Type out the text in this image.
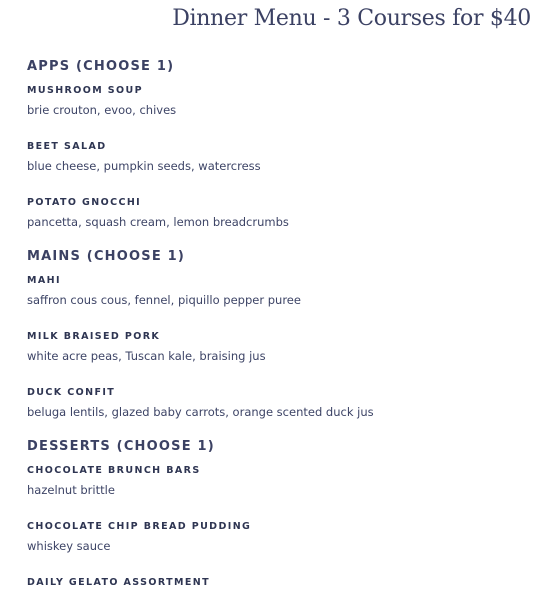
Dinner Menu - 3 Courses for $40
APPS (CHOOSE 1)
MUSHROOM SOUP
brie crouton, evoo, chives
BEET SALAD
blue cheese, pumpkin seeds, watercress
POTATO GNOCCHI
pancetta, squash cream, lemon breadcrumbs
MAINS (CHOOSE 1)
MAHI
saffron cous cous, fennel, piquillo pepper puree
MILK BRAISED PORK
white acre peas, Tuscan kale, braising jus
DUCK CONFIT
beluga lentils, glazed baby carrots, orange scented duck jus
DESSERTS (CHOOSE 1)
CHOCOLATE BRUNCH BARS
hazelnut brittle
CHOCOLATE CHIP BREAD PUDDING
whiskey sauce
DAILY GELATO ASSORTMENT
